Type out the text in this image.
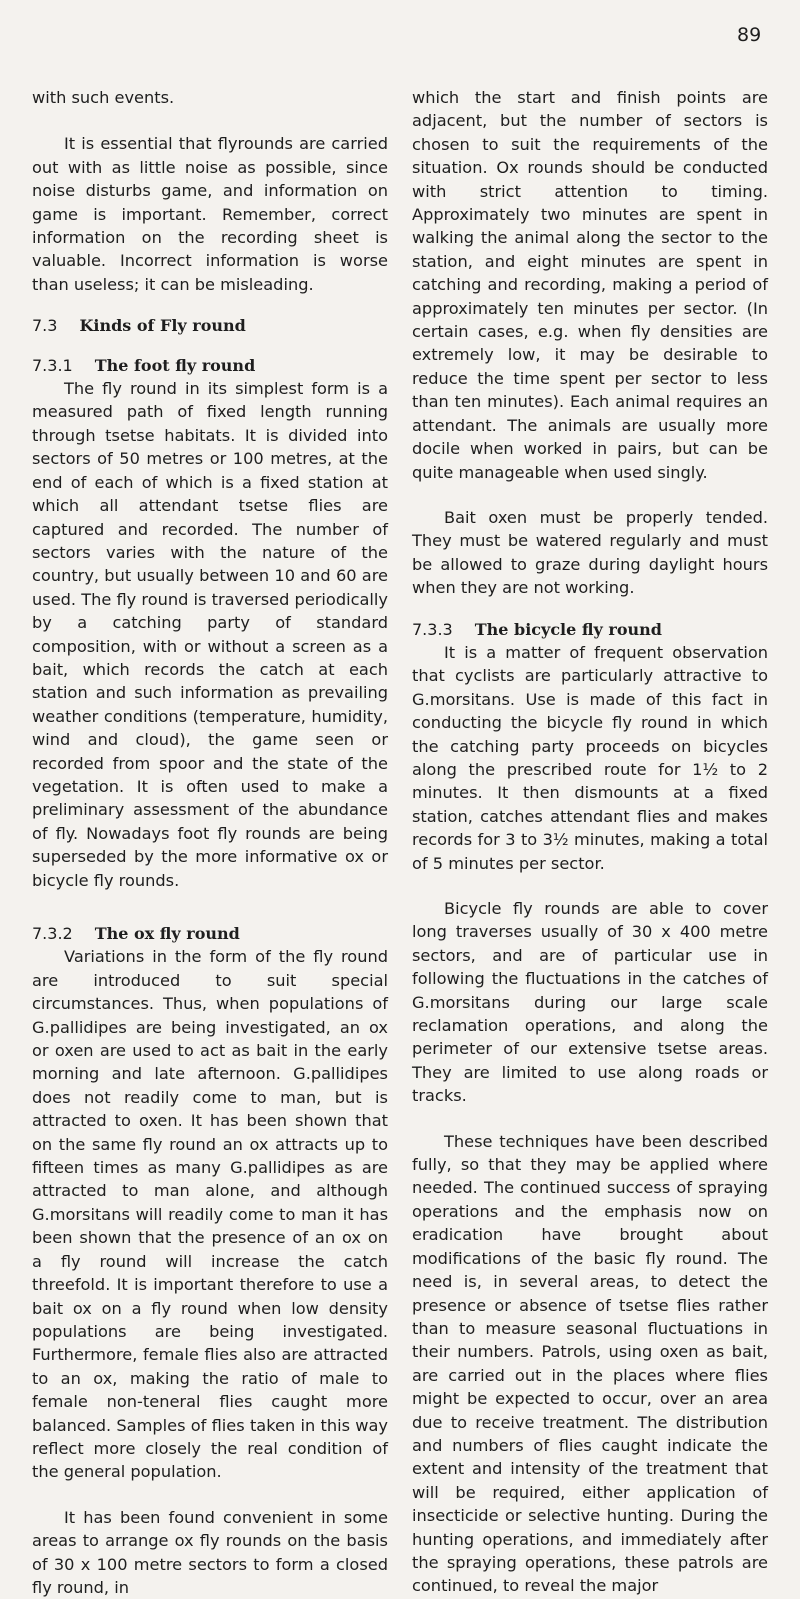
89

with such events.

It is essential that flyrounds are carried out with as little noise as possible, since noise disturbs game, and information on game is important. Remember, correct information on the recording sheet is valuable. Incorrect information is worse than useless; it can be misleading.

7.3 Kinds of Fly round
7.3.1 The foot fly round

The fly round in its simplest form is a measured path of fixed length running through tsetse habitats. It is divided into sectors of 50 metres or 100 metres, at the end of each of which is a fixed station at which all attendant tsetse flies are captured and recorded. The number of sectors varies with the nature of the country, but usually between 10 and 60 are used. The fly round is traversed periodically by a catching party of standard composition, with or without a screen as a bait, which records the catch at each station and such information as prevailing weather conditions (temperature, humidity, wind and cloud), the game seen or recorded from spoor and the state of the vegetation. It is often used to make a preliminary assessment of the abundance of fly. Nowadays foot fly rounds are being superseded by the more informative ox or bicycle fly rounds.

7.3.2 The ox fly round

Variations in the form of the fly round are introduced to suit special circumstances. Thus, when populations of G.pallidipes are being investigated, an ox or oxen are used to act as bait in the early morning and late afternoon. G.pallidipes does not readily come to man, but is attracted to oxen. It has been shown that on the same fly round an ox attracts up to fifteen times as many G.pallidipes as are attracted to man alone, and although G.morsitans will readily come to man it has been shown that the presence of an ox on a fly round will increase the catch threefold. It is important therefore to use a bait ox on a fly round when low density populations are being investigated. Furthermore, female flies also are attracted to an ox, making the ratio of male to female non-teneral flies caught more balanced. Samples of flies taken in this way reflect more closely the real condition of the general population.

It has been found convenient in some areas to arrange ox fly rounds on the basis of 30 x 100 metre sectors to form a closed fly round, in

which the start and finish points are adjacent, but the number of sectors is chosen to suit the requirements of the situation. Ox rounds should be conducted with strict attention to timing. Approximately two minutes are spent in walking the animal along the sector to the station, and eight minutes are spent in catching and recording, making a period of approximately ten minutes per sector. (In certain cases, e.g. when fly densities are extremely low, it may be desirable to reduce the time spent per sector to less than ten minutes). Each animal requires an attendant. The animals are usually more docile when worked in pairs, but can be quite manageable when used singly.

Bait oxen must be properly tended. They must be watered regularly and must be allowed to graze during daylight hours when they are not working.

7.3.3 The bicycle fly round

It is a matter of frequent observation that cyclists are particularly attractive to G.morsitans. Use is made of this fact in conducting the bicycle fly round in which the catching party proceeds on bicycles along the prescribed route for 1½ to 2 minutes. It then dismounts at a fixed station, catches attendant flies and makes records for 3 to 3½ minutes, making a total of 5 minutes per sector.

Bicycle fly rounds are able to cover long traverses usually of 30 x 400 metre sectors, and are of particular use in following the fluctuations in the catches of G.morsitans during our large scale reclamation operations, and along the perimeter of our extensive tsetse areas. They are limited to use along roads or tracks.

These techniques have been described fully, so that they may be applied where needed. The continued success of spraying operations and the emphasis now on eradication have brought about modifications of the basic fly round. The need is, in several areas, to detect the presence or absence of tsetse flies rather than to measure seasonal fluctuations in their numbers. Patrols, using oxen as bait, are carried out in the places where flies might be expected to occur, over an area due to receive treatment. The distribution and numbers of flies caught indicate the extent and intensity of the treatment that will be required, either application of insecticide or selective hunting. During the hunting operations, and immediately after the spraying operations, these patrols are continued, to reveal the major
